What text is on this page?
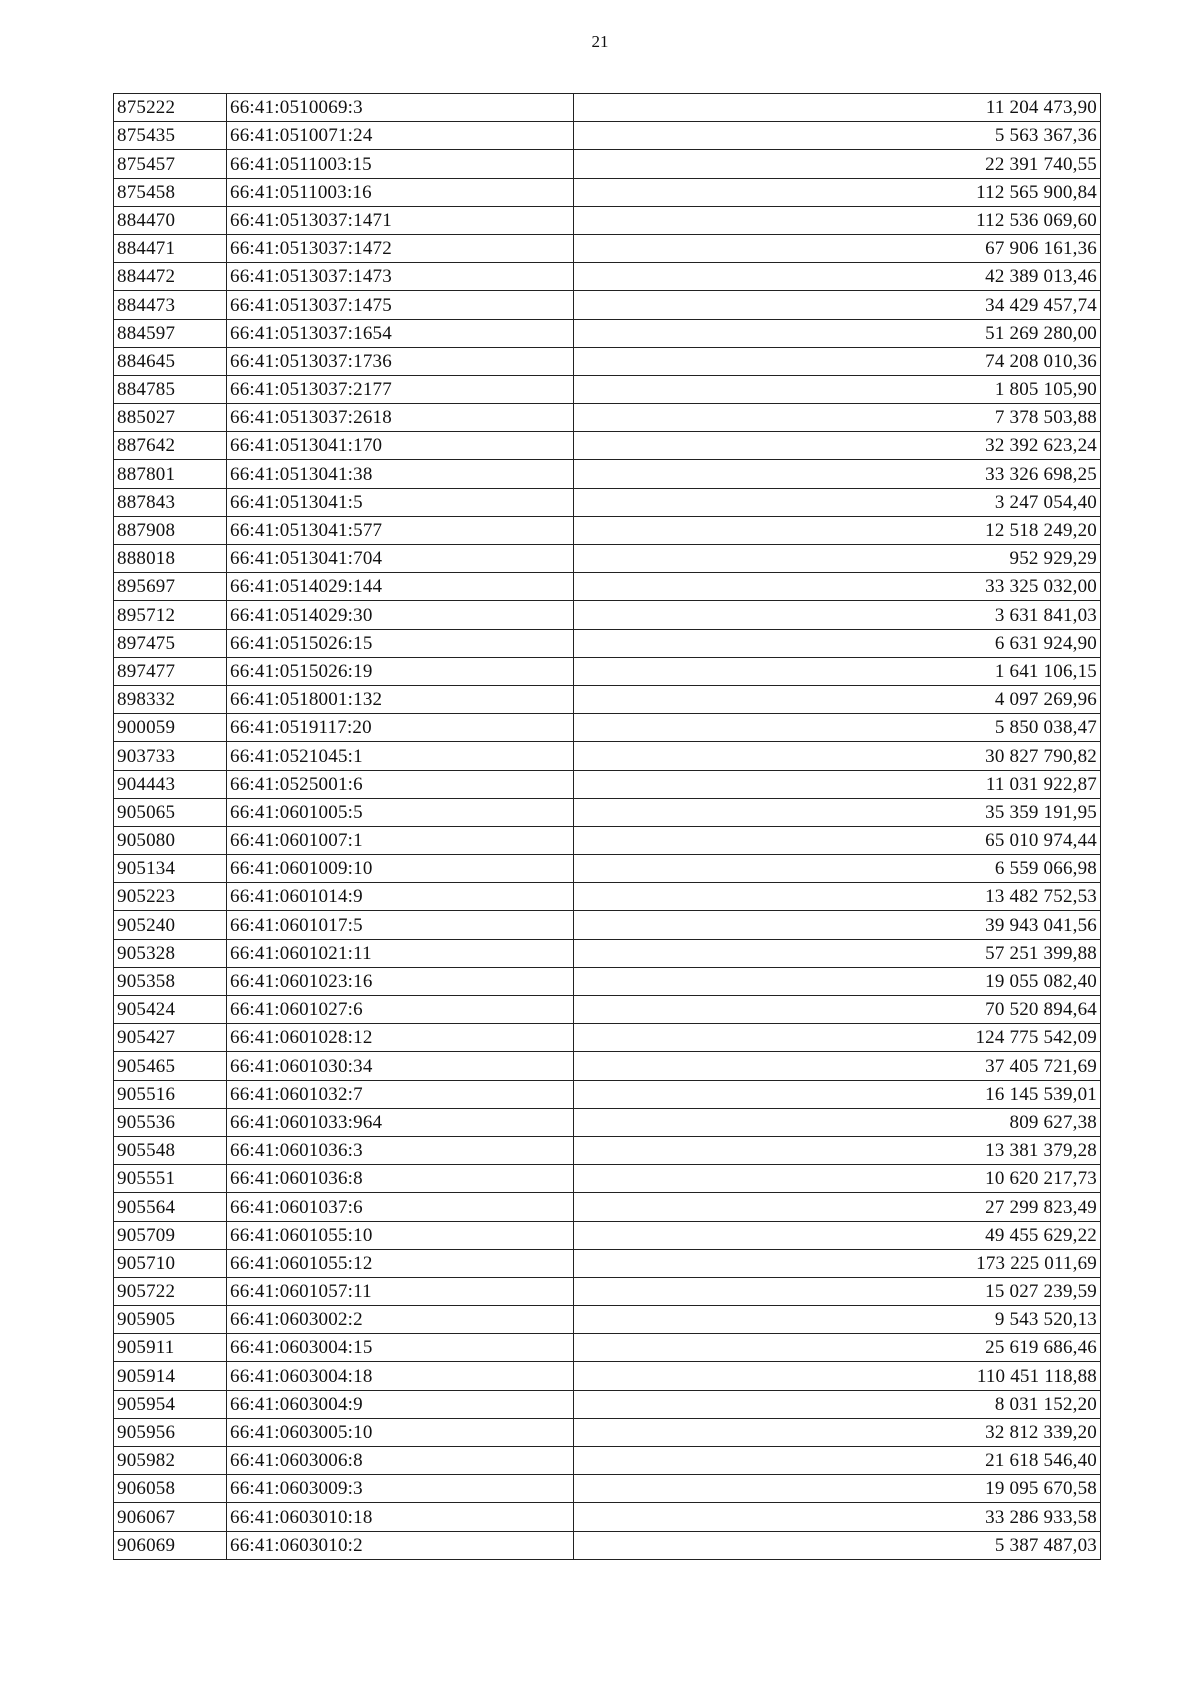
21
875222	66:41:0510069:3	11 204 473,90
875435	66:41:0510071:24	5 563 367,36
875457	66:41:0511003:15	22 391 740,55
875458	66:41:0511003:16	112 565 900,84
884470	66:41:0513037:1471	112 536 069,60
884471	66:41:0513037:1472	67 906 161,36
884472	66:41:0513037:1473	42 389 013,46
884473	66:41:0513037:1475	34 429 457,74
884597	66:41:0513037:1654	51 269 280,00
884645	66:41:0513037:1736	74 208 010,36
884785	66:41:0513037:2177	1 805 105,90
885027	66:41:0513037:2618	7 378 503,88
887642	66:41:0513041:170	32 392 623,24
887801	66:41:0513041:38	33 326 698,25
887843	66:41:0513041:5	3 247 054,40
887908	66:41:0513041:577	12 518 249,20
888018	66:41:0513041:704	952 929,29
895697	66:41:0514029:144	33 325 032,00
895712	66:41:0514029:30	3 631 841,03
897475	66:41:0515026:15	6 631 924,90
897477	66:41:0515026:19	1 641 106,15
898332	66:41:0518001:132	4 097 269,96
900059	66:41:0519117:20	5 850 038,47
903733	66:41:0521045:1	30 827 790,82
904443	66:41:0525001:6	11 031 922,87
905065	66:41:0601005:5	35 359 191,95
905080	66:41:0601007:1	65 010 974,44
905134	66:41:0601009:10	6 559 066,98
905223	66:41:0601014:9	13 482 752,53
905240	66:41:0601017:5	39 943 041,56
905328	66:41:0601021:11	57 251 399,88
905358	66:41:0601023:16	19 055 082,40
905424	66:41:0601027:6	70 520 894,64
905427	66:41:0601028:12	124 775 542,09
905465	66:41:0601030:34	37 405 721,69
905516	66:41:0601032:7	16 145 539,01
905536	66:41:0601033:964	809 627,38
905548	66:41:0601036:3	13 381 379,28
905551	66:41:0601036:8	10 620 217,73
905564	66:41:0601037:6	27 299 823,49
905709	66:41:0601055:10	49 455 629,22
905710	66:41:0601055:12	173 225 011,69
905722	66:41:0601057:11	15 027 239,59
905905	66:41:0603002:2	9 543 520,13
905911	66:41:0603004:15	25 619 686,46
905914	66:41:0603004:18	110 451 118,88
905954	66:41:0603004:9	8 031 152,20
905956	66:41:0603005:10	32 812 339,20
905982	66:41:0603006:8	21 618 546,40
906058	66:41:0603009:3	19 095 670,58
906067	66:41:0603010:18	33 286 933,58
906069	66:41:0603010:2	5 387 487,03
